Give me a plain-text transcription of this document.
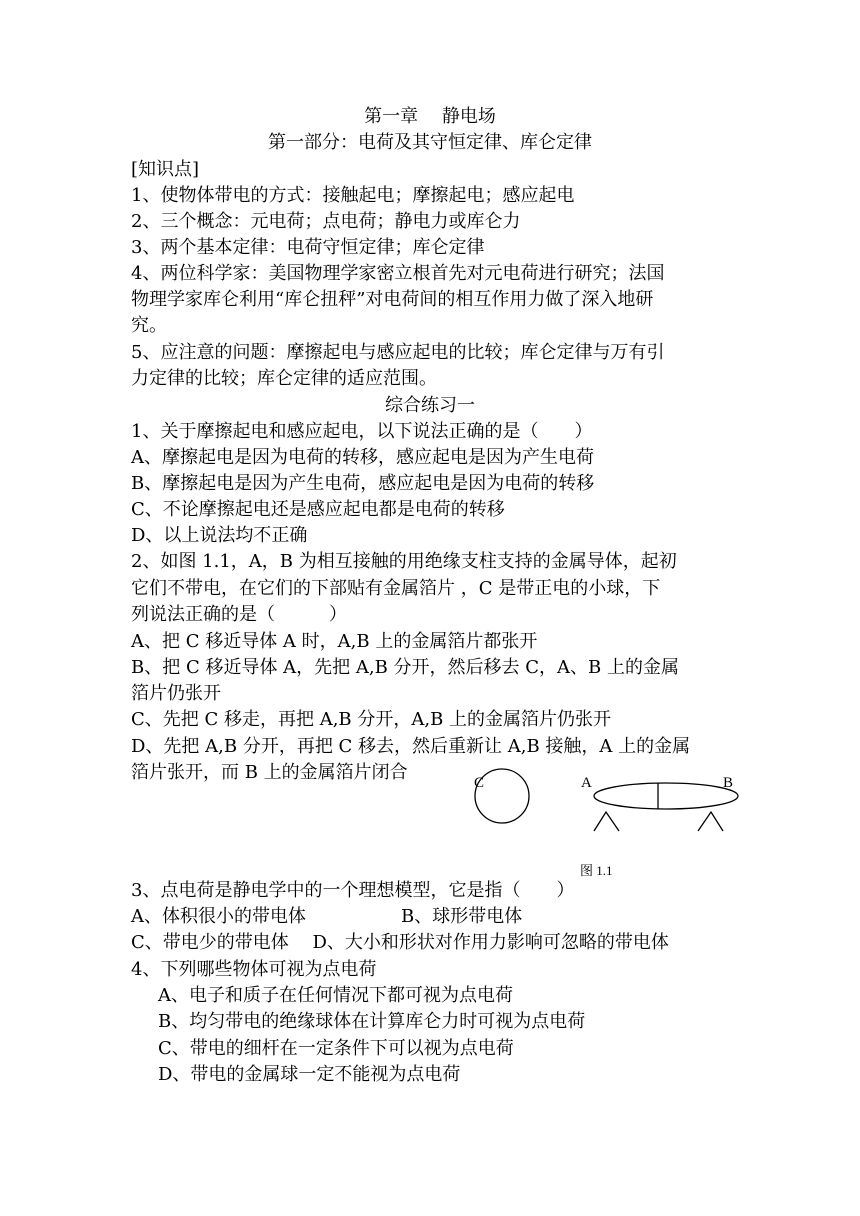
第一章　 静电场
第一部分：电荷及其守恒定律、库仑定律
[知识点]
1、使物体带电的方式：接触起电；摩擦起电；感应起电
2、三个概念：元电荷；点电荷；静电力或库仑力
3、两个基本定律：电荷守恒定律；库仑定律
4、两位科学家：美国物理学家密立根首先对元电荷进行研究；法国
物理学家库仑利用“库仑扭秤”对电荷间的相互作用力做了深入地研
究。
5、应注意的问题：摩擦起电与感应起电的比较；库仑定律与万有引
力定律的比较；库仑定律的适应范围。
综合练习一
1、关于摩擦起电和感应起电，以下说法正确的是（　　）
A、摩擦起电是因为电荷的转移，感应起电是因为产生电荷
B、摩擦起电是因为产生电荷，感应起电是因为电荷的转移
C、不论摩擦起电还是感应起电都是电荷的转移
D、以上说法均不正确
2、如图 1.1，A，B 为相互接触的用绝缘支柱支持的金属导体，起初
它们不带电，在它们的下部贴有金属箔片 ，C 是带正电的小球，下
列说法正确的是（　　　）
A、把 C 移近导体 A 时，A,B 上的金属箔片都张开
B、把 C 移近导体 A，先把 A,B 分开，然后移去 C，A、B 上的金属
箔片仍张开
C、先把 C 移走，再把 A,B 分开，A,B 上的金属箔片仍张开
D、先把 A,B 分开，再把 C 移去，然后重新让 A,B 接触，A 上的金属
箔片张开，而 B 上的金属箔片闭合	C	A	B
图 1.1
3、点电荷是静电学中的一个理想模型，它是指（　　）
A、体积很小的带电体	B、球形带电体
C、带电少的带电体　 D、大小和形状对作用力影响可忽略的带电体
4、下列哪些物体可视为点电荷
A、电子和质子在任何情况下都可视为点电荷
B、均匀带电的绝缘球体在计算库仑力时可视为点电荷
C、带电的细杆在一定条件下可以视为点电荷
D、带电的金属球一定不能视为点电荷
